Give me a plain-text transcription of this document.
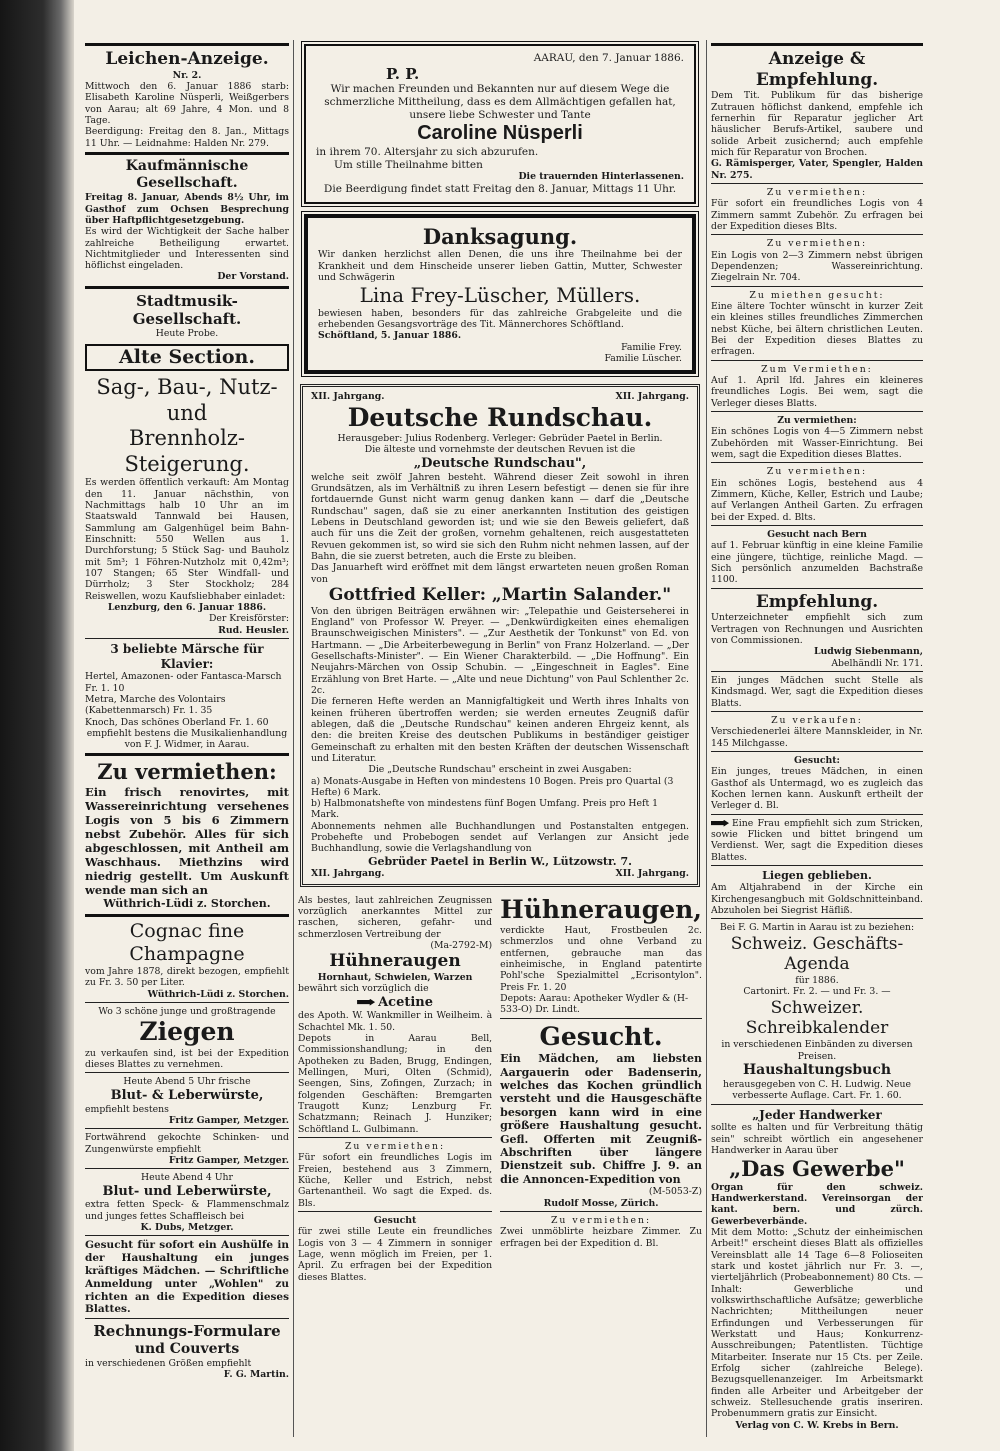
Leichen-Anzeige.
Nr. 2.
Mittwoch den 6. Januar 1886 starb: Elisabeth Karoline Nüsperli, Weißgerbers von Aarau; alt 69 Jahre, 4 Mon. und 8 Tage.
Beerdigung: Freitag den 8. Jan., Mittags 11 Uhr. — Leidnahme: Halden Nr. 279.
Kaufmännische Gesellschaft.
Freitag 8. Januar, Abends 8½ Uhr, im Gasthof zum Ochsen Besprechung über Haftpflichtgesetzgebung.
Es wird der Wichtigkeit der Sache halber zahlreiche Betheiligung erwartet. Nichtmitglieder und Interessenten sind höflichst eingeladen.
Der Vorstand.
Stadtmusik-Gesellschaft.
Heute Probe.
Alte Section.
Sag-, Bau-, Nutz- und
Brennholz-Steigerung.
Es werden öffentlich verkauft: Am Montag den 11. Januar nächsthin, von Nachmittags halb 10 Uhr an im Staatswald Tannwald bei Hausen, Sammlung am Galgenhügel beim Bahn-Einschnitt: 550 Wellen aus 1. Durchforstung; 5 Stück Sag- und Bauholz mit 5m³; 1 Föhren-Nutzholz mit 0,42m³; 107 Stangen; 65 Ster Windfall- und Dürrholz; 3 Ster Stockholz; 284 Reiswellen, wozu Kaufsliebhaber einladet:
Lenzburg, den 6. Januar 1886.
Der Kreisförster:
Rud. Heusler.
3 beliebte Märsche für Klavier:
Hertel, Amazonen- oder Fantasca-Marsch Fr. 1. 10
Metra, Marche des Volontairs (Kabettenmarsch) Fr. 1. 35
Knoch, Das schönes Oberland Fr. 1. 60
empfiehlt bestens die Musikalienhandlung von F. J. Widmer, in Aarau.
Zu vermiethen:
Ein frisch renovirtes, mit Wassereinrichtung versehenes Logis von 5 bis 6 Zimmern nebst Zubehör. Alles für sich abgeschlossen, mit Antheil am Waschhaus. Miethzins wird niedrig gestellt. Um Auskunft wende man sich an
Wüthrich-Lüdi z. Storchen.
Cognac fine Champagne
vom Jahre 1878, direkt bezogen, empfiehlt zu Fr. 3. 50 per Liter.
Wüthrich-Lüdi z. Storchen.
Wo 3 schöne junge und großtragende
Ziegen
zu verkaufen sind, ist bei der Expedition dieses Blattes zu vernehmen.
Heute Abend 5 Uhr frische
Blut- & Leberwürste,
empfiehlt bestens
Fritz Gamper, Metzger.
Fortwährend gekochte Schinken- und Zungenwürste empfiehlt
Fritz Gamper, Metzger.
Heute Abend 4 Uhr
Blut- und Leberwürste,
extra fetten Speck- & Flammenschmalz und junges fettes Schaffleisch bei
K. Dubs, Metzger.
Gesucht für sofort ein Aushülfe in der Haushaltung ein junges kräftiges Mädchen. — Schriftliche Anmeldung unter „Wohlen" zu richten an die Expedition dieses Blattes.
Rechnungs-Formulare
und Couverts
in verschiedenen Größen empfiehlt
F. G. Martin.
AARAU, den 7. Januar 1886.
P. P.
Wir machen Freunden und Bekannten nur auf diesem Wege die schmerzliche Mittheilung, dass es dem Allmächtigen gefallen hat, unsere liebe Schwester und Tante
Caroline Nüsperli
in ihrem 70. Altersjahr zu sich abzurufen.
Um stille Theilnahme bitten
Die trauernden Hinterlassenen.
Die Beerdigung findet statt Freitag den 8. Januar, Mittags 11 Uhr.
Danksagung.
Wir danken herzlichst allen Denen, die uns ihre Theilnahme bei der Krankheit und dem Hinscheide unserer lieben Gattin, Mutter, Schwester und Schwägerin
Lina Frey-Lüscher, Müllers.
bewiesen haben, besonders für das zahlreiche Grabgeleite und die erhebenden Gesangsvorträge des Tit. Männerchores Schöftland.
Schöftland, 5. Januar 1886.
Familie Frey.
Familie Lüscher.
XII. Jahrgang.	XII. Jahrgang.
Deutsche Rundschau.
Herausgeber: Julius Rodenberg. Verleger: Gebrüder Paetel in Berlin.
Die älteste und vornehmste der deutschen Revuen ist die
„Deutsche Rundschau",
welche seit zwölf Jahren besteht. Während dieser Zeit sowohl in ihren Grundsätzen, als im Verhältniß zu ihren Lesern befestigt — denen sie für ihre fortdauernde Gunst nicht warm genug danken kann — darf die „Deutsche Rundschau" sagen, daß sie zu einer anerkannten Institution des geistigen Lebens in Deutschland geworden ist; und wie sie den Beweis geliefert, daß auch für uns die Zeit der großen, vornehm gehaltenen, reich ausgestatteten Revuen gekommen ist, so wird sie sich den Ruhm nicht nehmen lassen, auf der Bahn, die sie zuerst betreten, auch die Erste zu bleiben.
Das Januarheft wird eröffnet mit dem längst erwarteten neuen großen Roman von
Gottfried Keller: „Martin Salander."
Von den übrigen Beiträgen erwähnen wir: „Telepathie und Geisterseherei in England" von Professor W. Preyer. — „Denkwürdigkeiten eines ehemaligen Braunschweigischen Ministers". — „Zur Aesthetik der Tonkunst" von Ed. von Hartmann. — „Die Arbeiterbewegung in Berlin" von Franz Holzerland. — „Der Gesellschafts-Minister". — Ein Wiener Charakterbild. — „Die Hoffnung". Ein Neujahrs-Märchen von Ossip Schubin. — „Eingeschneit in Eagles". Eine Erzählung von Bret Harte. — „Alte und neue Dichtung" von Paul Schlenther 2c. 2c.
Die ferneren Hefte werden an Mannigfaltigkeit und Werth ihres Inhalts von keinen früheren übertroffen werden; sie werden erneutes Zeugniß dafür ablegen, daß die „Deutsche Rundschau" keinen anderen Ehrgeiz kennt, als den: die breiten Kreise des deutschen Publikums in beständiger geistiger Gemeinschaft zu erhalten mit den besten Kräften der deutschen Wissenschaft und Literatur.
Die „Deutsche Rundschau" erscheint in zwei Ausgaben:
a) Monats-Ausgabe in Heften von mindestens 10 Bogen. Preis pro Quartal (3 Hefte) 6 Mark.
b) Halbmonatshefte von mindestens fünf Bogen Umfang. Preis pro Heft 1 Mark.
Abonnements nehmen alle Buchhandlungen und Postanstalten entgegen. Probehefte und Probebogen sendet auf Verlangen zur Ansicht jede Buchhandlung, sowie die Verlagshandlung von
Gebrüder Paetel in Berlin W., Lützowstr. 7.
XII. Jahrgang.	XII. Jahrgang.
Als bestes, laut zahlreichen Zeugnissen vorzüglich anerkanntes Mittel zur raschen, sicheren, gefahr- und schmerzlosen Vertreibung der
(Ma-2792-M)
Hühneraugen
Hornhaut, Schwielen, Warzen
bewährt sich vorzüglich die
Acetine
des Apoth. W. Wankmiller in Weilheim. à Schachtel Mk. 1. 50.
Depots in Aarau Bell, Commissionshandlung; in den Apotheken zu Baden, Brugg, Endingen, Mellingen, Muri, Olten (Schmid), Seengen, Sins, Zofingen, Zurzach; in folgenden Geschäften: Bremgarten Traugott Kunz; Lenzburg Fr. Schatzmann; Reinach J. Hunziker; Schöftland L. Gulbimann.
Zu vermiethen:
Für sofort ein freundliches Logis im Freien, bestehend aus 3 Zimmern, Küche, Keller und Estrich, nebst Gartenantheil. Wo sagt die Exped. ds. Bls.
Gesucht
für zwei stille Leute ein freundliches Logis von 3 — 4 Zimmern in sonniger Lage, wenn möglich im Freien, per 1. April. Zu erfragen bei der Expedition dieses Blattes.
Hühneraugen,
verdickte Haut, Frostbeulen 2c. schmerzlos und ohne Verband zu entfernen, gebrauche man das einheimische, in England patentirte Pohl'sche Spezialmittel „Ecrisontylon". Preis Fr. 1. 20
Depots: Aarau: Apotheker Wydler & (H-533-O) Dr. Lindt.
Gesucht.
Ein Mädchen, am liebsten Aargauerin oder Badenserin, welches das Kochen gründlich versteht und die Hausgeschäfte besorgen kann wird in eine größere Haushaltung gesucht. Gefl. Offerten mit Zeugniß-Abschriften über längere Dienstzeit sub. Chiffre J. 9. an die Annoncen-Expedition von
(M-5053-Z)
Rudolf Mosse, Zürich.
Zu vermiethen:
Zwei unmöblirte heizbare Zimmer. Zu erfragen bei der Expedition d. Bl.
Anzeige & Empfehlung.
Dem Tit. Publikum für das bisherige Zutrauen höflichst dankend, empfehle ich fernerhin für Reparatur jeglicher Art häuslicher Berufs-Artikel, saubere und solide Arbeit zusichernd; auch empfehle mich für Reparatur von Brochen.
G. Rämisperger, Vater, Spengler, Halden Nr. 275.
Zu vermiethen:
Für sofort ein freundliches Logis von 4 Zimmern sammt Zubehör. Zu erfragen bei der Expedition dieses Blts.
Zu vermiethen:
Ein Logis von 2—3 Zimmern nebst übrigen Dependenzen; Wassereinrichtung. Ziegelrain Nr. 704.
Zu miethen gesucht:
Eine ältere Tochter wünscht in kurzer Zeit ein kleines stilles freundliches Zimmerchen nebst Küche, bei ältern christlichen Leuten. Bei der Expedition dieses Blattes zu erfragen.
Zum Vermiethen:
Auf 1. April lfd. Jahres ein kleineres freundliches Logis. Bei wem, sagt die Verleger dieses Blatts.
Zu vermiethen:
Ein schönes Logis von 4—5 Zimmern nebst Zubehörden mit Wasser-Einrichtung. Bei wem, sagt die Expedition dieses Blattes.
Zu vermiethen:
Ein schönes Logis, bestehend aus 4 Zimmern, Küche, Keller, Estrich und Laube; auf Verlangen Antheil Garten. Zu erfragen bei der Exped. d. Blts.
Gesucht nach Bern
auf 1. Februar künftig in eine kleine Familie eine jüngere, tüchtige, reinliche Magd. — Sich persönlich anzumelden Bachstraße 1100.
Empfehlung.
Unterzeichneter empfiehlt sich zum Vertragen von Rechnungen und Ausrichten von Commissionen.
Ludwig Siebenmann,
Abelhändli Nr. 171.
Ein junges Mädchen sucht Stelle als Kindsmagd. Wer, sagt die Expedition dieses Blatts.
Zu verkaufen:
Verschiedenerlei ältere Mannskleider, in Nr. 145 Milchgasse.
Gesucht:
Ein junges, treues Mädchen, in einen Gasthof als Untermagd, wo es zugleich das Kochen lernen kann. Auskunft ertheilt der Verleger d. Bl.
Eine Frau empfiehlt sich zum Stricken, sowie Flicken und bittet bringend um Verdienst. Wer, sagt die Expedition dieses Blattes.
Liegen geblieben.
Am Altjahrabend in der Kirche ein Kirchengesangbuch mit Goldschnitteinband. Abzuholen bei Siegrist Häfliß.
Bei F. G. Martin in Aarau ist zu beziehen:
Schweiz. Geschäfts-Agenda
für 1886.
Cartonirt. Fr. 2. — und Fr. 3. —
Schweizer. Schreibkalender
in verschiedenen Einbänden zu diversen Preisen.
Haushaltungsbuch
herausgegeben von C. H. Ludwig. Neue verbesserte Auflage. Cart. Fr. 1. 60.
„Jeder Handwerker
sollte es halten und für Verbreitung thätig sein" schreibt wörtlich ein angesehener Handwerker in Aarau über
„Das Gewerbe"
Organ für den schweiz. Handwerkerstand. Vereinsorgan der kant. bern. und zürch. Gewerbeverbände.
Mit dem Motto: „Schutz der einheimischen Arbeit!" erscheint dieses Blatt als offizielles Vereinsblatt alle 14 Tage 6—8 Folioseiten stark und kostet jährlich nur Fr. 3. —, vierteljährlich (Probeabonnement) 80 Cts. — Inhalt: Gewerbliche und volkswirthschaftliche Aufsätze; gewerbliche Nachrichten; Mittheilungen neuer Erfindungen und Verbesserungen für Werkstatt und Haus; Konkurrenz-Ausschreibungen; Patentlisten. Tüchtige Mitarbeiter. Inserate nur 15 Cts. per Zeile. Erfolg sicher (zahlreiche Belege). Bezugsquellenanzeiger. Im Arbeitsmarkt finden alle Arbeiter und Arbeitgeber der schweiz. Stellesuchende gratis inseriren. Probenummern gratis zur Einsicht.
Verlag von C. W. Krebs in Bern.
